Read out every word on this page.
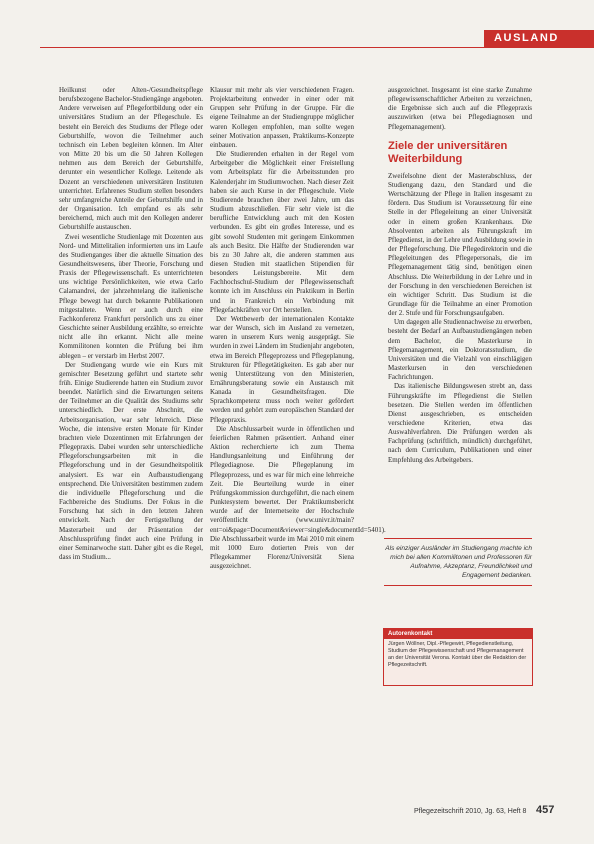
AUSLAND

Heilkunst oder Alten-/Gesundheitspflege berufsbezogene Bachelor-Studiengänge angeboten. Andere verweisen auf Pflegefortbildung oder ein universitäres Studium an der Pflegeschule. Es besteht ein Bereich des Studiums der Pflege oder Geburtshilfe, wovon die Teilnehmer auch technisch ein Leben begleiten können. Im Alter von Mitte 20 bis um die 50 Jahren Kollegen nehmen aus dem Bereich der Geburtshilfe, derunter ein wesentlicher Kollege. Leitende als Dozent an verschiedenen universitären Instituten unterrichtet. Erfahrenes Studium stellen besonders sehr umfangreiche Anteile der Geburtshilfe und in der Organisation. Ich empfand es als sehr bereichernd, mich auch mit den Kollegen anderer Geburtshilfe austauschen.

Zwei wesentliche Studienlage mit Dozenten aus Nord- und Mittelitalien informierten uns im Laufe des Studienganges über die aktuelle Situation des Gesundheitswesens, über Theorie, Forschung und Praxis der Pflegewissenschaft. Es unterrichteten uns wichtige Persönlichkeiten, wie etwa Carlo Calamandrei, der jahrzehntelang die italienische Pflege bewegt hat durch bekannte Publikationen mitgestaltete. Wenn er auch durch eine Fachkonferenz Frankfurt persönlich uns zu einer Geschichte seiner Ausbildung erzählte, so erreichte nicht alle ihn erkannt. Nicht alle meine Kommilitonen konnten die Prüfung bei ihm ablegen – er verstarb im Herbst 2007.

Der Studiengang wurde wie ein Kurs mit gemischter Besetzung geführt und startete sehr früh. Einige Studierende hatten ein Studium zuvor beendet. Natürlich sind die Erwartungen seitens der Teilnehmer an die Qualität des Studiums sehr unterschiedlich. Der erste Abschnitt, die Arbeitsorganisation, war sehr lehrreich. Diese Woche, die intensive ersten Monate für Kinder brachten viele Dozentinnen mit Erfahrungen der Pflegepraxis. Dabei wurden sehr unterschiedliche Pflegeforschungsarbeiten mit in die Pflegeforschung und in der Gesundheitspolitik analysiert. Es war ein Aufbaustudiengang entsprechend. Die Universitäten bestimmen zudem die individuelle Pflegeforschung und die Fachbereiche des Studiums. Der Fokus in die Forschung hat sich in den letzten Jahren entwickelt. Nach der Fertigstellung der Masterarbeit und der Präsentation der Abschlussprüfung findet auch eine Prüfung in einer Seminarwoche statt. Daher gibt es die Regel, dass im Studium...

Klausur mit mehr als vier verschiedenen Fragen. Projektarbeitung entweder in einer oder mit Gruppen sehr Prüfung in der Gruppe. Für die eigene Teilnahme an der Studiengruppe möglicher waren Kollegen empfohlen, man sollte wegen seiner Motivation anpassen, Praktikums-Konzepte einbauen.

Die Studierenden erhalten in der Regel vom Arbeitgeber die Möglichkeit einer Freistellung vom Arbeitsplatz für die Arbeitsstunden pro Kalenderjahr im Studiumwochen. Nach dieser Zeit haben sie auch Kurse in der Pflegeschule. Viele Studierende brauchen über zwei Jahre, um das Studium abzuschließen. Für sehr viele ist die berufliche Entwicklung auch mit den Kosten verbunden. Es gibt ein großes Interesse, und es gibt sowohl Studenten mit geringem Einkommen als auch Besitz. Die Hälfte der Studierenden war bis zu 30 Jahre alt, die anderen stammen aus diesen Studien mit staatlichen Stipendien für besonders Leistungsbereite. Mit dem Fachhochschul-Studium der Pflegewissenschaft konnte ich im Anschluss ein Praktikum in Berlin und in Frankreich ein Verbindung mit Pflegefachkräften vor Ort herstellen.

Der Wettbewerb der internationalen Kontakte war der Wunsch, sich im Ausland zu vernetzen, waren in unserem Kurs wenig ausgeprägt. Sie wurden in zwei Ländern im Studienjahr angeboten, etwa im Bereich Pflegeprozess und Pflegeplanung, Strukturen für Pflegetätigkeiten. Es gab aber nur wenig Unterstützung von den Ministerien, Ernährungsberatung sowie ein Austausch mit Kanada in Gesundheitsfragen. Die Sprachkompetenz muss noch weiter gefördert werden und gehört zum europäischen Standard der Pflegepraxis.

Die Abschlussarbeit wurde in öffentlichen und feierlichen Rahmen präsentiert. Anhand einer Aktion recherchierte ich zum Thema Handlungsanleitung und Einführung der Pflegediagnose. Die Pflegeplanung im Pflegeprozess, und es war für mich eine lehrreiche Zeit. Die Beurteilung wurde in einer Prüfungskommission durchgeführt, die nach einem Punktesystem bewertet. Der Praktikumsbericht wurde auf der Internetseite der Hochschule veröffentlicht (www.univr.it/main?ent=oi&page=Document&viewer=single&documentId=5401). Die Abschlussarbeit wurde im Mai 2010 mit einem mit 1000 Euro dotierten Preis von der Pflegekammer Florenz/Universität Siena ausgezeichnet.

ausgezeichnet. Insgesamt ist eine starke Zunahme pflegewissenschaftlicher Arbeiten zu verzeichnen, die Ergebnisse sich auch auf die Pflegepraxis auszuwirken (etwa bei Pflegediagnosen und Pflegemanagement).

Ziele der universitären Weiterbildung

Zweifelsohne dient der Masterabschluss, der Studiengang dazu, den Standard und die Wertschätzung der Pflege in Italien insgesamt zu fördern. Das Studium ist Voraussetzung für eine Stelle in der Pflegeleitung an einer Universität oder in einem großen Krankenhaus. Die Absolventen arbeiten als Führungskraft im Pflegedienst, in der Lehre und Ausbildung sowie in der Pflegeforschung. Die Pflegedirektorin und die Pflegeleitungen des Pflegepersonals, die im Pflegemanagement tätig sind, benötigen einen Abschluss. Die Weiterbildung in der Lehre und in der Forschung in den verschiedenen Bereichen ist ein wichtiger Schritt. Das Studium ist die Grundlage für die Teilnahme an einer Promotion der 2. Stufe und für Forschungsaufgaben.

Um dagegen alle Studiennachweise zu erwerben, besteht der Bedarf an Aufbaustudiengängen neben dem Bachelor, die Masterkurse in Pflegemanagement, ein Doktoratsstudium, die Universitäten und die Vielzahl von einschlägigen Masterkursen in den verschiedenen Fachrichtungen.

Das italienische Bildungswesen strebt an, dass Führungskräfte im Pflegedienst die Stellen besetzen. Die Stellen werden im öffentlichen Dienst ausgeschrieben, es entscheiden verschiedene Kriterien, etwa das Auswahlverfahren. Die Prüfungen werden als Fachprüfung (schriftlich, mündlich) durchgeführt, nach dem Curriculum, Publikationen und einer Empfehlung des Arbeitgebers.

Als einziger Ausländer im Studiengang machte ich mich bei allen Kommilitonen und Professoren für Aufnahme, Akzeptanz, Freundlichkeit und Engagement bedanken.
Autorenkontakt
Jürgen Wöllner, Dipl.-Pflegewirt, Pflegedienstleitung, Studium der Pflegewissenschaft und Pflegemanagement an der Universität Verona. Kontakt über die Redaktion der Pflegezeitschrift.
Pflegezeitschrift 2010, Jg. 63, Heft 8 457
